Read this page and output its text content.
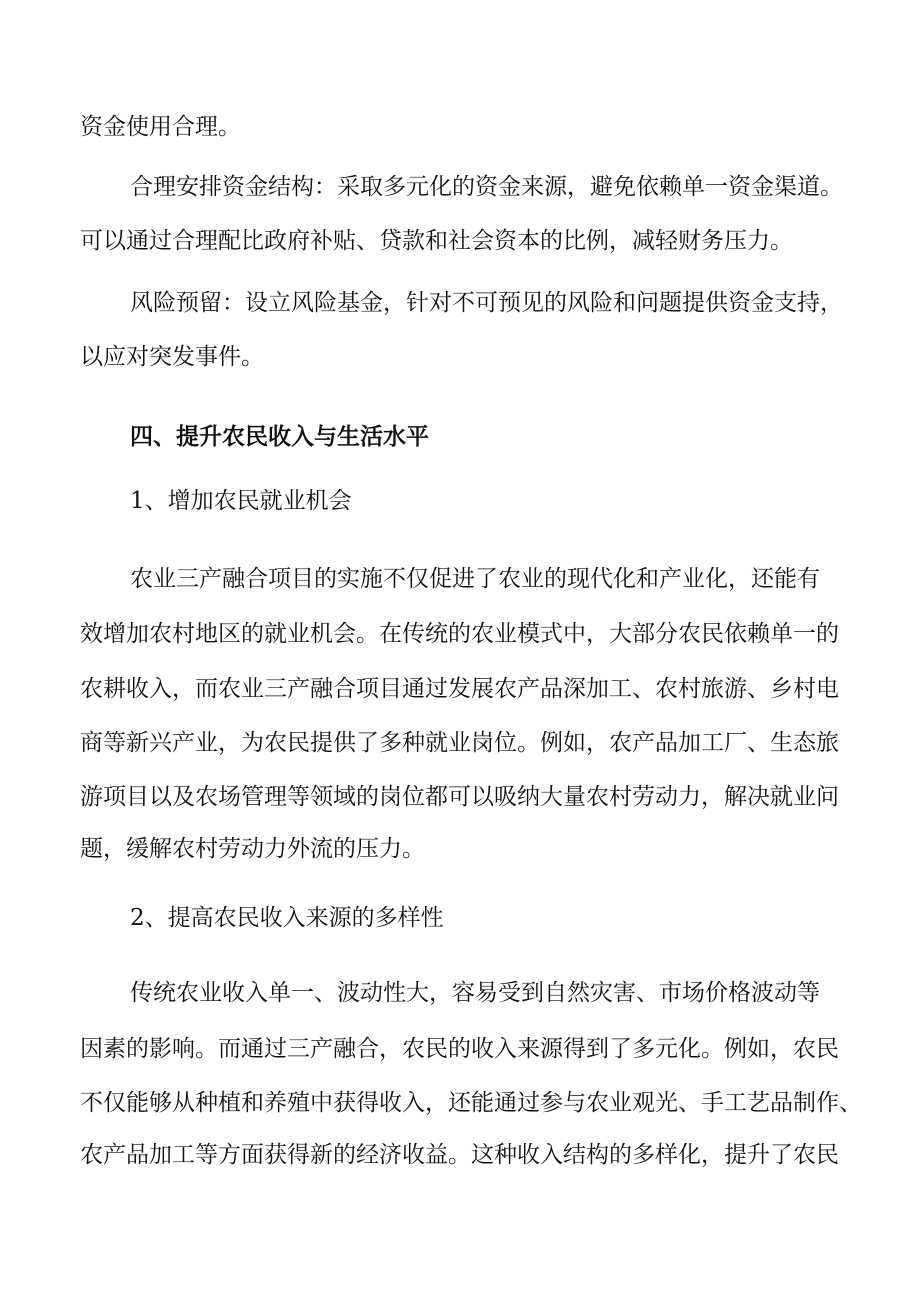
资金使用合理。
合理安排资金结构：采取多元化的资金来源，避免依赖单一资金渠道。
可以通过合理配比政府补贴、贷款和社会资本的比例，减轻财务压力。
风险预留：设立风险基金，针对不可预见的风险和问题提供资金支持，
以应对突发事件。
四、提升农民收入与生活水平
1、增加农民就业机会
农业三产融合项目的实施不仅促进了农业的现代化和产业化，还能有
效增加农村地区的就业机会。在传统的农业模式中，大部分农民依赖单一的
农耕收入，而农业三产融合项目通过发展农产品深加工、农村旅游、乡村电
商等新兴产业，为农民提供了多种就业岗位。例如，农产品加工厂、生态旅
游项目以及农场管理等领域的岗位都可以吸纳大量农村劳动力，解决就业问
题，缓解农村劳动力外流的压力。
2、提高农民收入来源的多样性
传统农业收入单一、波动性大，容易受到自然灾害、市场价格波动等
因素的影响。而通过三产融合，农民的收入来源得到了多元化。例如，农民
不仅能够从种植和养殖中获得收入，还能通过参与农业观光、手工艺品制作、
农产品加工等方面获得新的经济收益。这种收入结构的多样化，提升了农民
